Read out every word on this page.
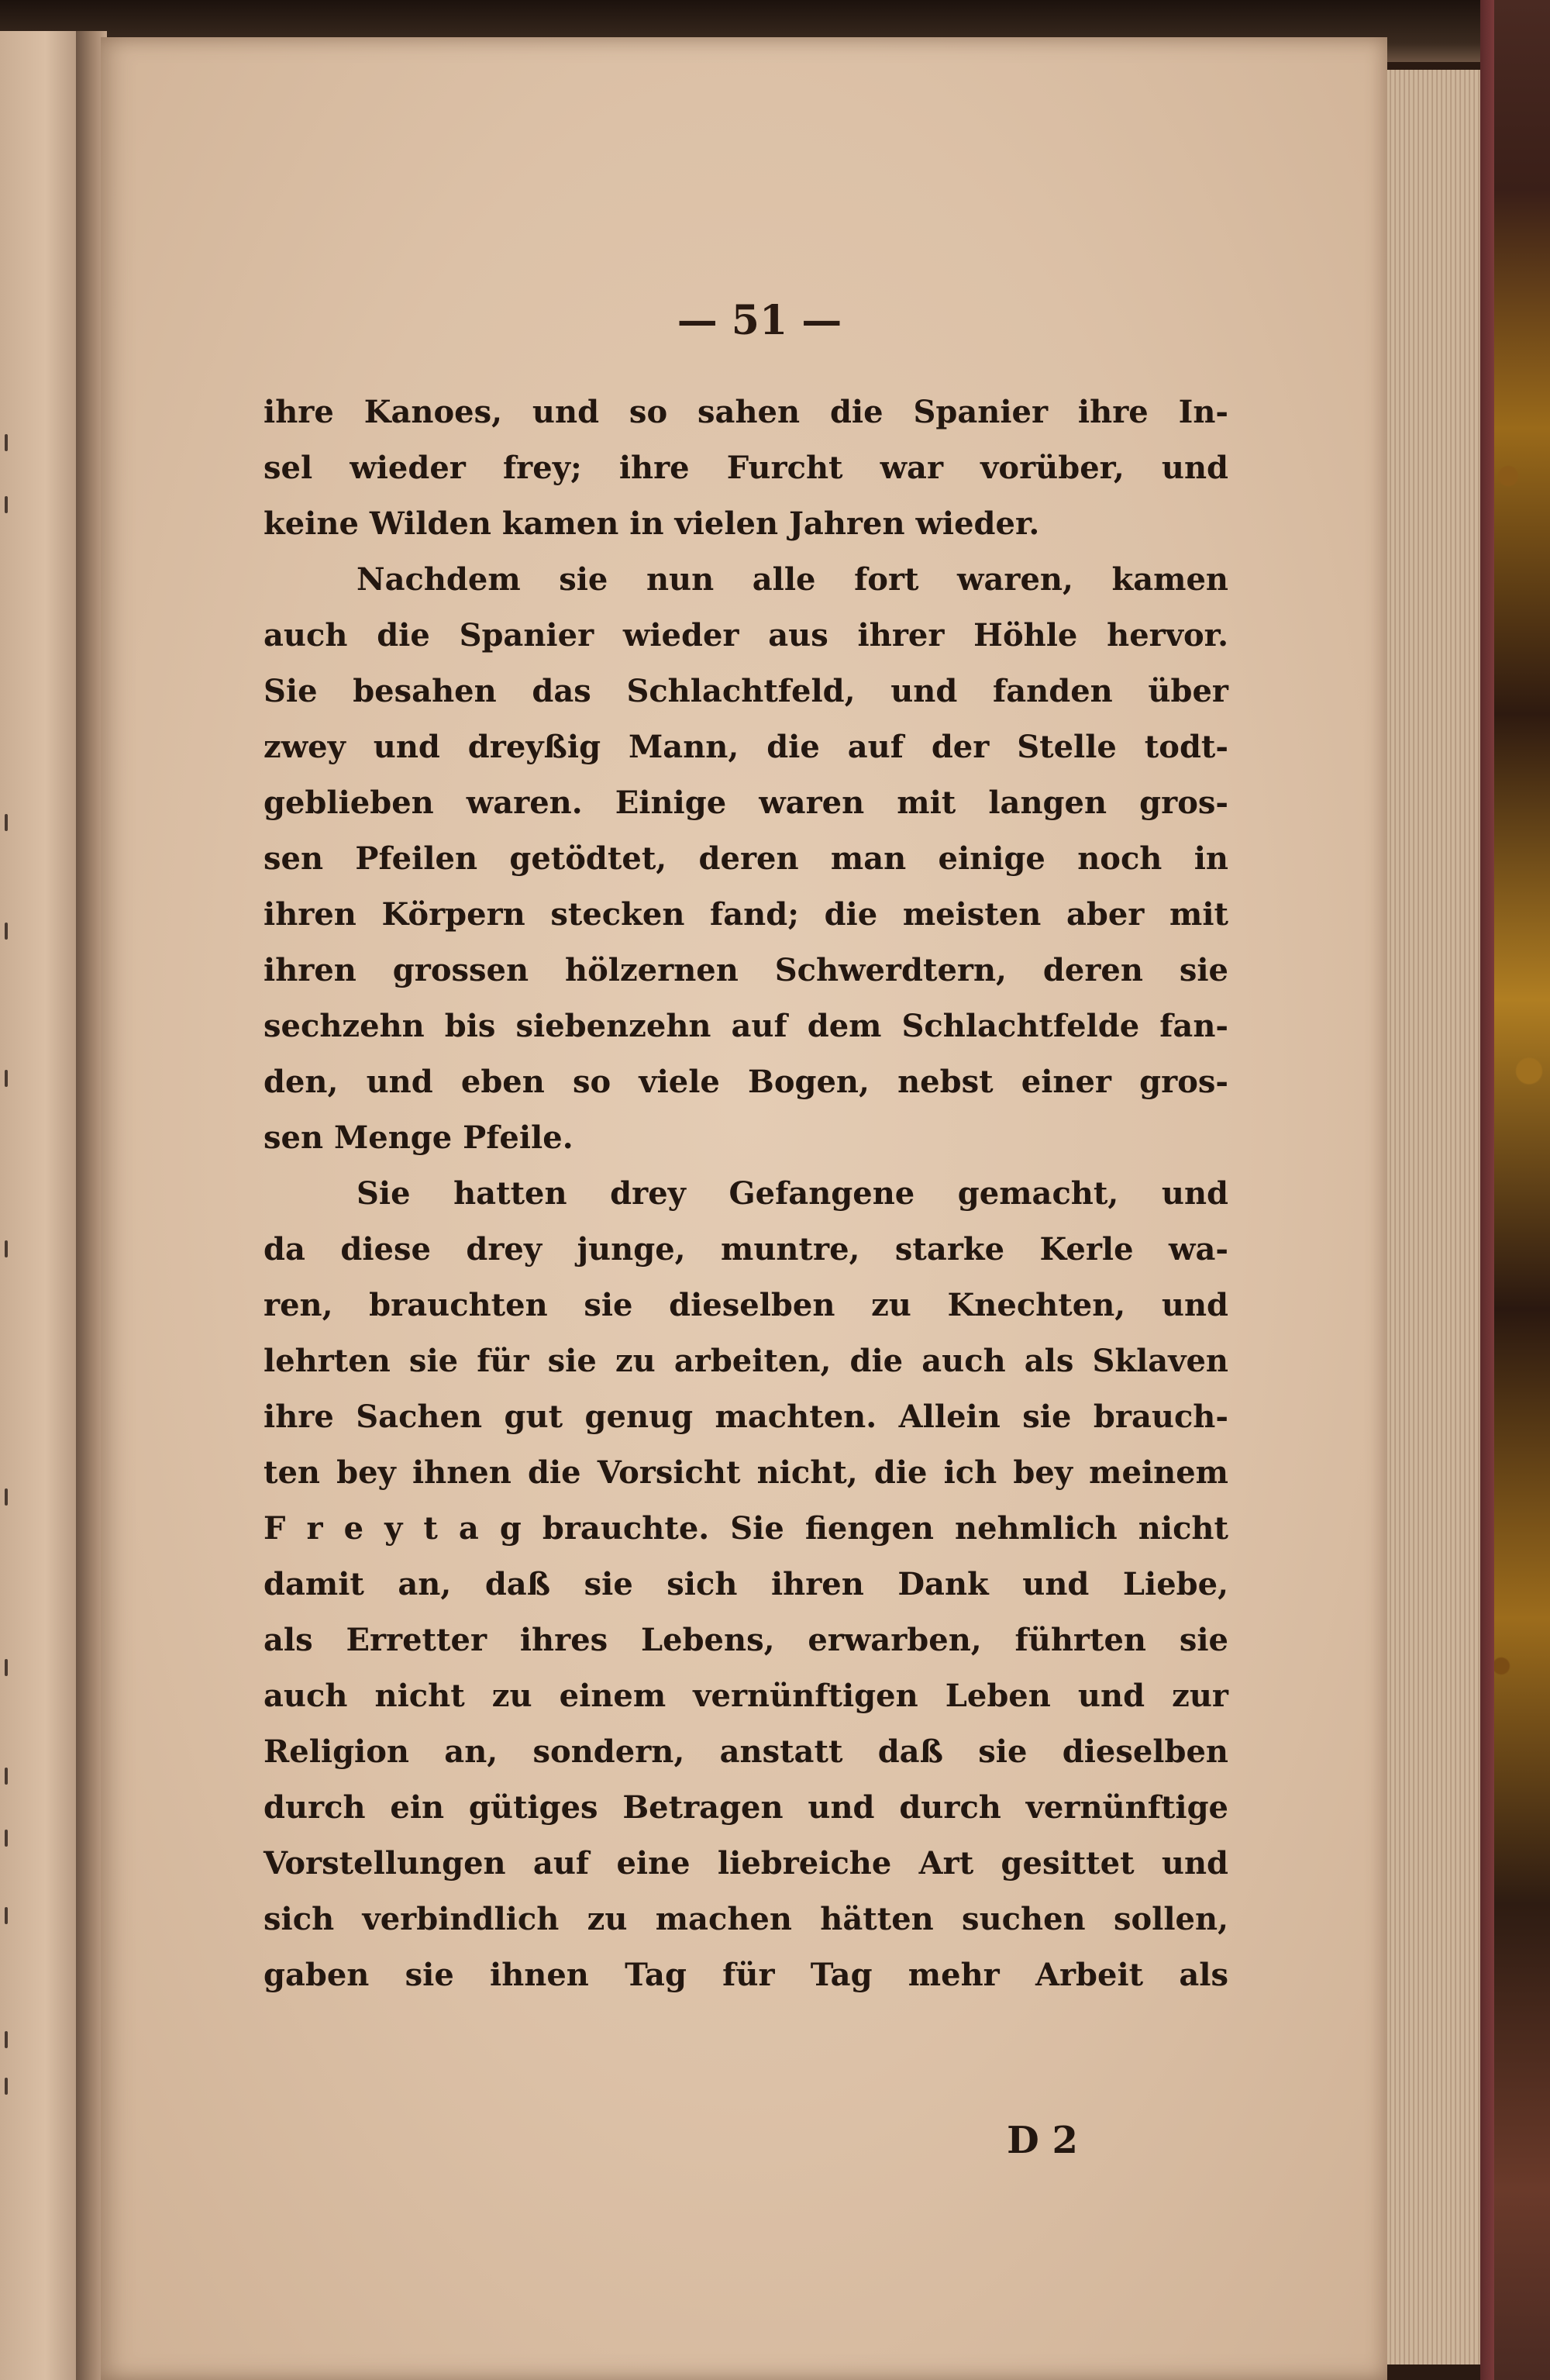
— 51 —
ihre Kanoes, und so sahen die Spanier ihre In-
sel wieder frey; ihre Furcht war vorüber, und
keine Wilden kamen in vielen Jahren wieder.
Nachdem sie nun alle fort waren, kamen
auch die Spanier wieder aus ihrer Höhle hervor.
Sie besahen das Schlachtfeld, und fanden über
zwey und dreyßig Mann, die auf der Stelle todt-
geblieben waren. Einige waren mit langen gros-
sen Pfeilen getödtet, deren man einige noch in
ihren Körpern stecken fand; die meisten aber mit
ihren grossen hölzernen Schwerdtern, deren sie
sechzehn bis siebenzehn auf dem Schlachtfelde fan-
den, und eben so viele Bogen, nebst einer gros-
sen Menge Pfeile.
Sie hatten drey Gefangene gemacht, und
da diese drey junge, muntre, starke Kerle wa-
ren, brauchten sie dieselben zu Knechten, und
lehrten sie für sie zu arbeiten, die auch als Sklaven
ihre Sachen gut genug machten. Allein sie brauch-
ten bey ihnen die Vorsicht nicht, die ich bey meinem
F r e y t a g brauchte. Sie fiengen nehmlich nicht
damit an, daß sie sich ihren Dank und Liebe,
als Erretter ihres Lebens, erwarben, führten sie
auch nicht zu einem vernünftigen Leben und zur
Religion an, sondern, anstatt daß sie dieselben
durch ein gütiges Betragen und durch vernünftige
Vorstellungen auf eine liebreiche Art gesittet und
sich verbindlich zu machen hätten suchen sollen,
gaben sie ihnen Tag für Tag mehr Arbeit als
D 2
